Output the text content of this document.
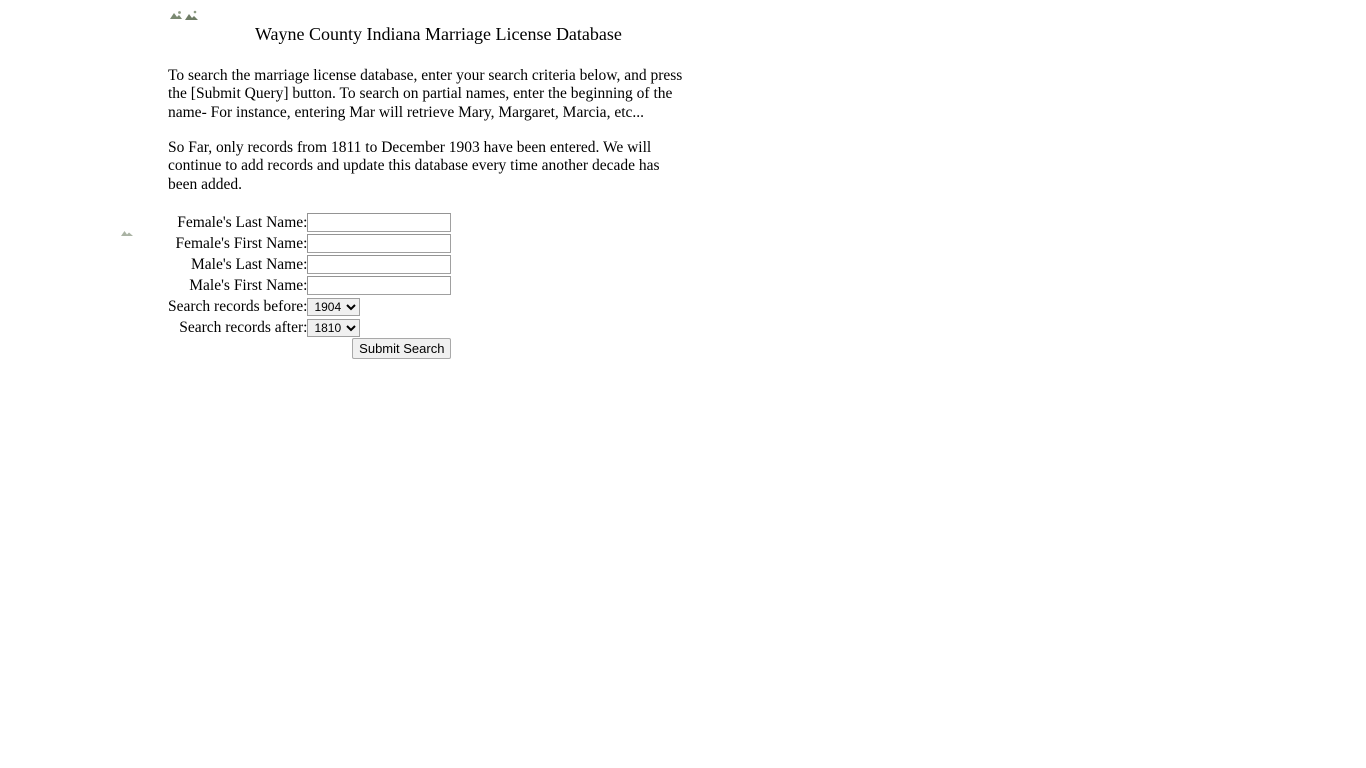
Wayne County Indiana Marriage License Database
To search the marriage license database, enter your search criteria below, and press the [Submit Query] button. To search on partial names, enter the beginning of the name- For instance, entering Mar will retrieve Mary, Margaret, Marcia, etc...
So Far, only records from 1811 to December 1903 have been entered. We will continue to add records and update this database every time another decade has been added.
Female's Last Name:	
Female's First Name:	
Male's Last Name:	
Male's First Name:	
Search records before:	
1904
Search records after:	
1810
	Submit Search
